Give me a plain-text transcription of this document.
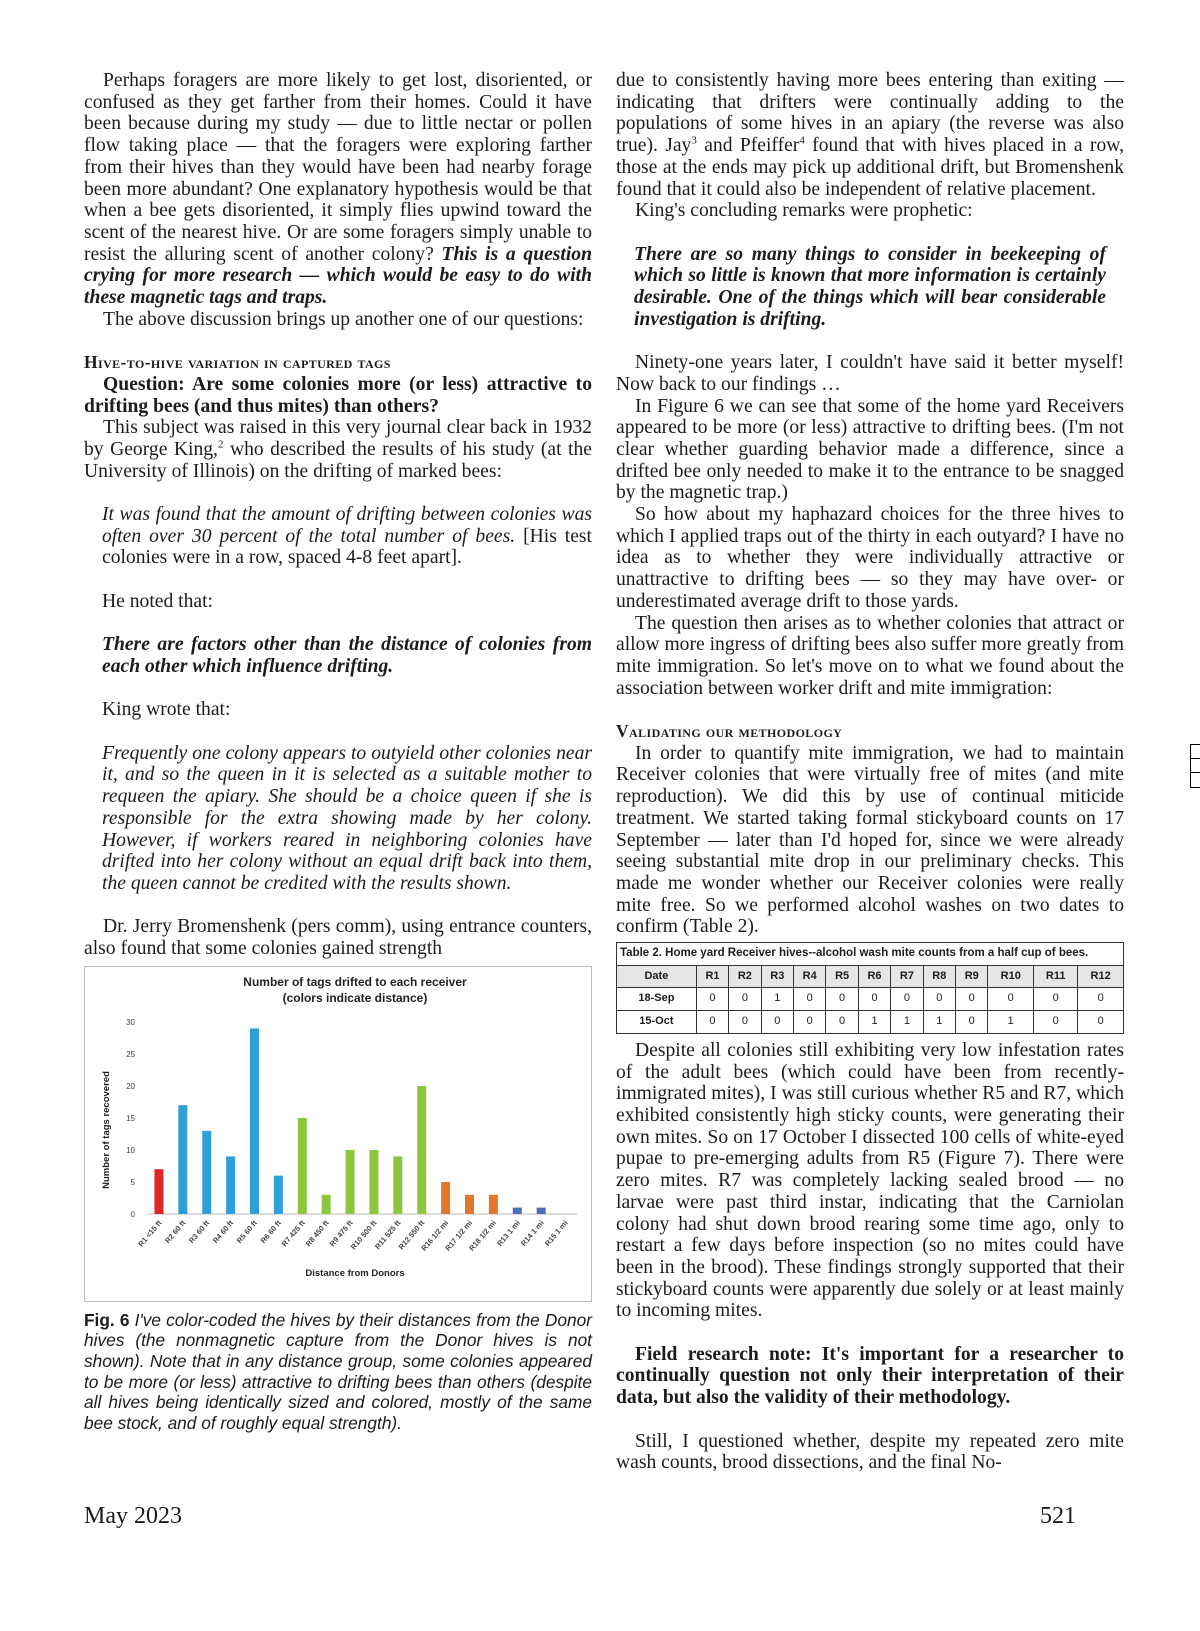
Perhaps foragers are more likely to get lost, disoriented, or confused as they get farther from their homes. Could it have been because during my study — due to little nectar or pollen flow taking place — that the foragers were exploring farther from their hives than they would have been had nearby forage been more abundant? One explanatory hypothesis would be that when a bee gets disoriented, it simply flies upwind toward the scent of the nearest hive. Or are some foragers simply unable to resist the alluring scent of another colony? This is a question crying for more research — which would be easy to do with these magnetic tags and traps.

The above discussion brings up another one of our questions:

Hive-to-hive variation in captured tags

Question: Are some colonies more (or less) attractive to drifting bees (and thus mites) than others?

This subject was raised in this very journal clear back in 1932 by George King,$^2$ who described the results of his study (at the University of Illinois) on the drifting of marked bees:

It was found that the amount of drifting between colonies was often over 30 percent of the total number of bees. [His test colonies were in a row, spaced 4-8 feet apart].

He noted that:

There are factors other than the distance of colonies from each other which influence drifting.

King wrote that:

Frequently one colony appears to outyield other colonies near it, and so the queen in it is selected as a suitable mother to requeen the apiary. She should be a choice queen if she is responsible for the extra showing made by her colony. However, if workers reared in neighboring colonies have drifted into her colony without an equal drift back into them, the queen cannot be credited with the results shown.

Dr. Jerry Bromenshenk (pers comm), using entrance counters, also found that some colonies gained strength

Number of tags drifted to each receiver
(colors indicate distance)
Number of tags recovered
Distance from Donors
0
5
10
15
20
25
30
R1 <15 ft R2 60 ft R3 60 ft R4 60 ft R5 60 ft R6 60 ft
R7 425 ft
R8 450 ft
R9 475 ft
R10 500 ft
R11 525 ft
R12 550 ft
R16 1/2 mi
R17 1/2 mi
R18 1/2 mi
R13 1 mi
R14 1 mi
R15 1 mi

Fig. 6 I've color-coded the hives by their distances from the Donor hives (the nonmagnetic capture from the Donor hives is not shown). Note that in any distance group, some colonies appeared to be more (or less) attractive to drifting bees than others (despite all hives being identically sized and colored, mostly of the same bee stock, and of roughly equal strength).

due to consistently having more bees entering than exiting — indicating that drifters were continually adding to the populations of some hives in an apiary (the reverse was also true). Jay$^3$ and Pfeiffer$^4$ found that with hives placed in a row, those at the ends may pick up additional drift, but Bromenshenk found that it could also be independent of relative placement.

King's concluding remarks were prophetic:

There are so many things to consider in beekeeping of which so little is known that more information is certainly desirable. One of the things which will bear considerable investigation is drifting.

Ninety-one years later, I couldn't have said it better myself! Now back to our findings …

In Figure 6 we can see that some of the home yard Receivers appeared to be more (or less) attractive to drifting bees. (I'm not clear whether guarding behavior made a difference, since a drifted bee only needed to make it to the entrance to be snagged by the magnetic trap.)

So how about my haphazard choices for the three hives to which I applied traps out of the thirty in each outyard? I have no idea as to whether they were individually attractive or unattractive to drifting bees — so they may have over- or underestimated average drift to those yards.

The question then arises as to whether colonies that attract or allow more ingress of drifting bees also suffer more greatly from mite immigration. So let's move on to what we found about the association between worker drift and mite immigration:

Validating our methodology

In order to quantify mite immigration, we had to maintain Receiver colonies that were virtually free of mites (and mite reproduction). We did this by use of continual miticide treatment. We started taking formal stickyboard counts on 17 September — later than I'd hoped for, since we were already seeing substantial mite drop in our preliminary checks. This made me wonder whether our Receiver colonies were really mite free. So we performed alcohol washes on two dates to confirm (Table 2).

Table 2. Home yard Receiver hives--alcohol wash mite counts from a half cup of bees.												
Date	R1	R2	R3	R4	R5	R6	R7	R8	R9	R10	R11	R12
18-Sep	0	0	1	0	0	0	0	0	0	0	0	0
15-Oct	0	0	0	0	0	1	1	1	0	1	0	0

Despite all colonies still exhibiting very low infestation rates of the adult bees (which could have been from recently-immigrated mites), I was still curious whether R5 and R7, which exhibited consistently high sticky counts, were generating their own mites. So on 17 October I dissected 100 cells of white-eyed pupae to pre-emerging adults from R5 (Figure 7). There were zero mites. R7 was completely lacking sealed brood — no larvae were past third instar, indicating that the Carniolan colony had shut down brood rearing some time ago, only to restart a few days before inspection (so no mites could have been in the brood). These findings strongly supported that their stickyboard counts were apparently due solely or at least mainly to incoming mites.

Field research note: It's important for a researcher to continually question not only their interpretation of their data, but also the validity of their methodology.

Still, I questioned whether, despite my repeated zero mite wash counts, brood dissections, and the final No-

May 2023	521
